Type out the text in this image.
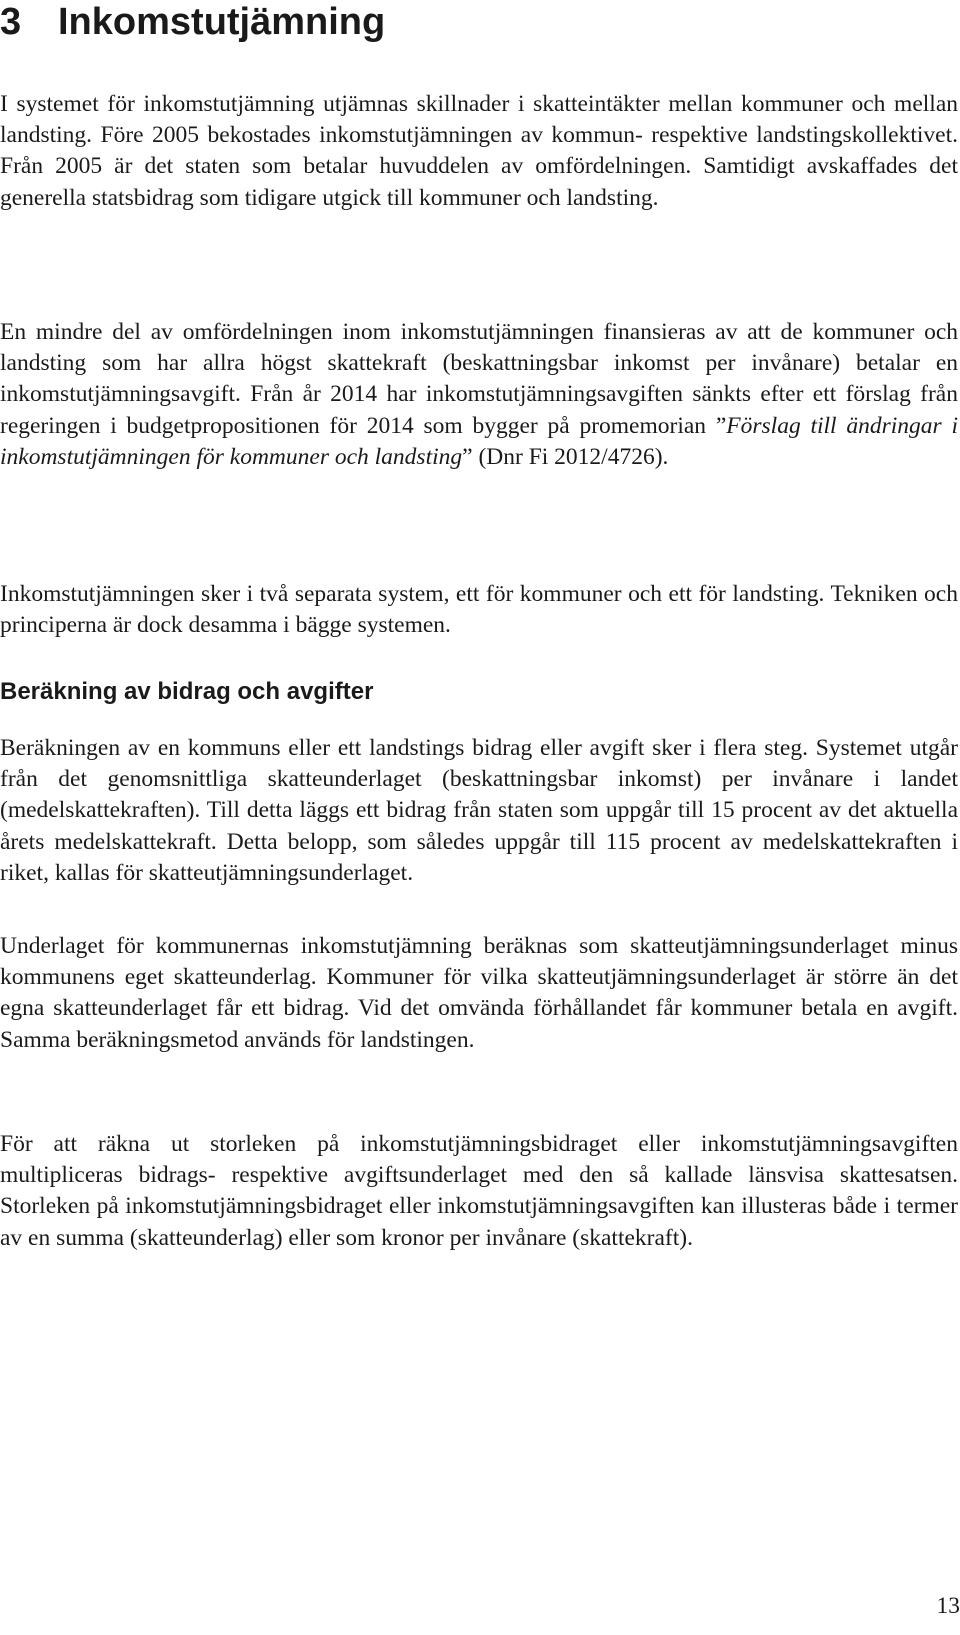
3 Inkomstutjämning

I systemet för inkomstutjämning utjämnas skillnader i skatteintäkter mellan kommuner och mellan landsting. Före 2005 bekostades inkomstutjämningen av kommun- respektive landstingskollektivet. Från 2005 är det staten som betalar huvuddelen av omfördelningen. Samtidigt avskaffades det generella statsbidrag som tidigare utgick till kommuner och landsting.

En mindre del av omfördelningen inom inkomstutjämningen finansieras av att de kommuner och landsting som har allra högst skattekraft (beskattningsbar inkomst per invånare) betalar en inkomstutjämningsavgift. Från år 2014 har inkomstutjämningsavgiften sänkts efter ett förslag från regeringen i budgetpropositionen för 2014 som bygger på promemorian ”Förslag till ändringar i inkomstutjämningen för kommuner och landsting” (Dnr Fi 2012/4726).

Inkomstutjämningen sker i två separata system, ett för kommuner och ett för landsting. Tekniken och principerna är dock desamma i bägge systemen.

Beräkning av bidrag och avgifter

Beräkningen av en kommuns eller ett landstings bidrag eller avgift sker i flera steg. Systemet utgår från det genomsnittliga skatteunderlaget (beskattningsbar inkomst) per invånare i landet (medelskattekraften). Till detta läggs ett bidrag från staten som uppgår till 15 procent av det aktuella årets medelskattekraft. Detta belopp, som således uppgår till 115 procent av medelskattekraften i riket, kallas för skatteutjämningsunderlaget.

Underlaget för kommunernas inkomstutjämning beräknas som skatteutjämningsunderlaget minus kommunens eget skatteunderlag. Kommuner för vilka skatteutjämningsunderlaget är större än det egna skatteunderlaget får ett bidrag. Vid det omvända förhållandet får kommuner betala en avgift. Samma beräkningsmetod används för landstingen.

För att räkna ut storleken på inkomstutjämningsbidraget eller inkomstutjämningsavgiften multipliceras bidrags- respektive avgiftsunderlaget med den så kallade länsvisa skattesatsen. Storleken på inkomstutjämningsbidraget eller inkomstutjämningsavgiften kan illusteras både i termer av en summa (skatteunderlag) eller som kronor per invånare (skattekraft).

13
